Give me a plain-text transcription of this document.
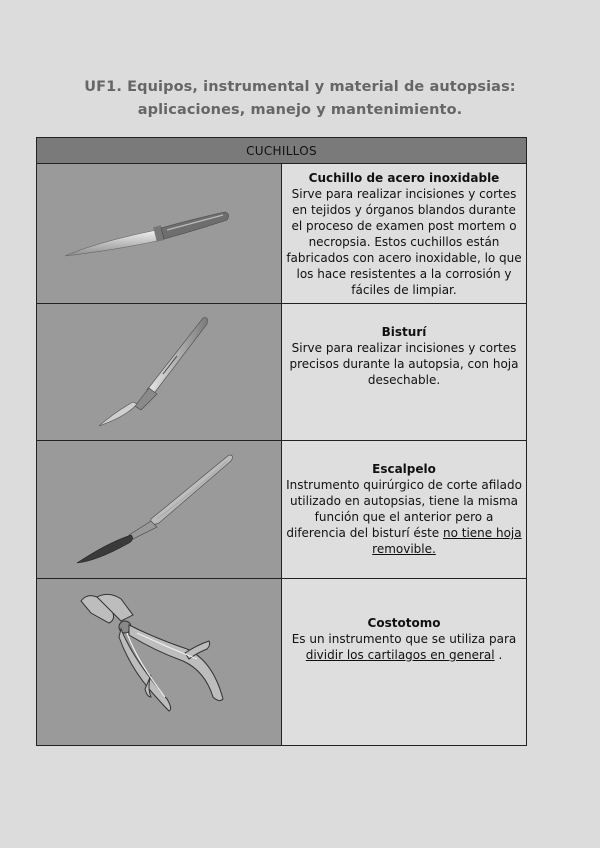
UF1. Equipos, instrumental y material de autopsias:
aplicaciones, manejo y mantenimiento.
CUCHILLOS	

Cuchillo de acero inoxidable
Sirve para realizar incisiones y cortes en tejidos y órganos blandos durante el proceso de examen post mortem o necropsia. Estos cuchillos están fabricados con acero inoxidable, lo que los hace resistentes a la corrosión y fáciles de limpiar.

Bisturí
Sirve para realizar incisiones y cortes precisos durante la autopsia, con hoja desechable.

Escalpelo
Instrumento quirúrgico de corte afilado utilizado en autopsias, tiene la misma función que el anterior pero a diferencia del bisturí éste no tiene hoja removible.

Costotomo
Es un instrumento que se utiliza para dividir los cartilagos en general .
